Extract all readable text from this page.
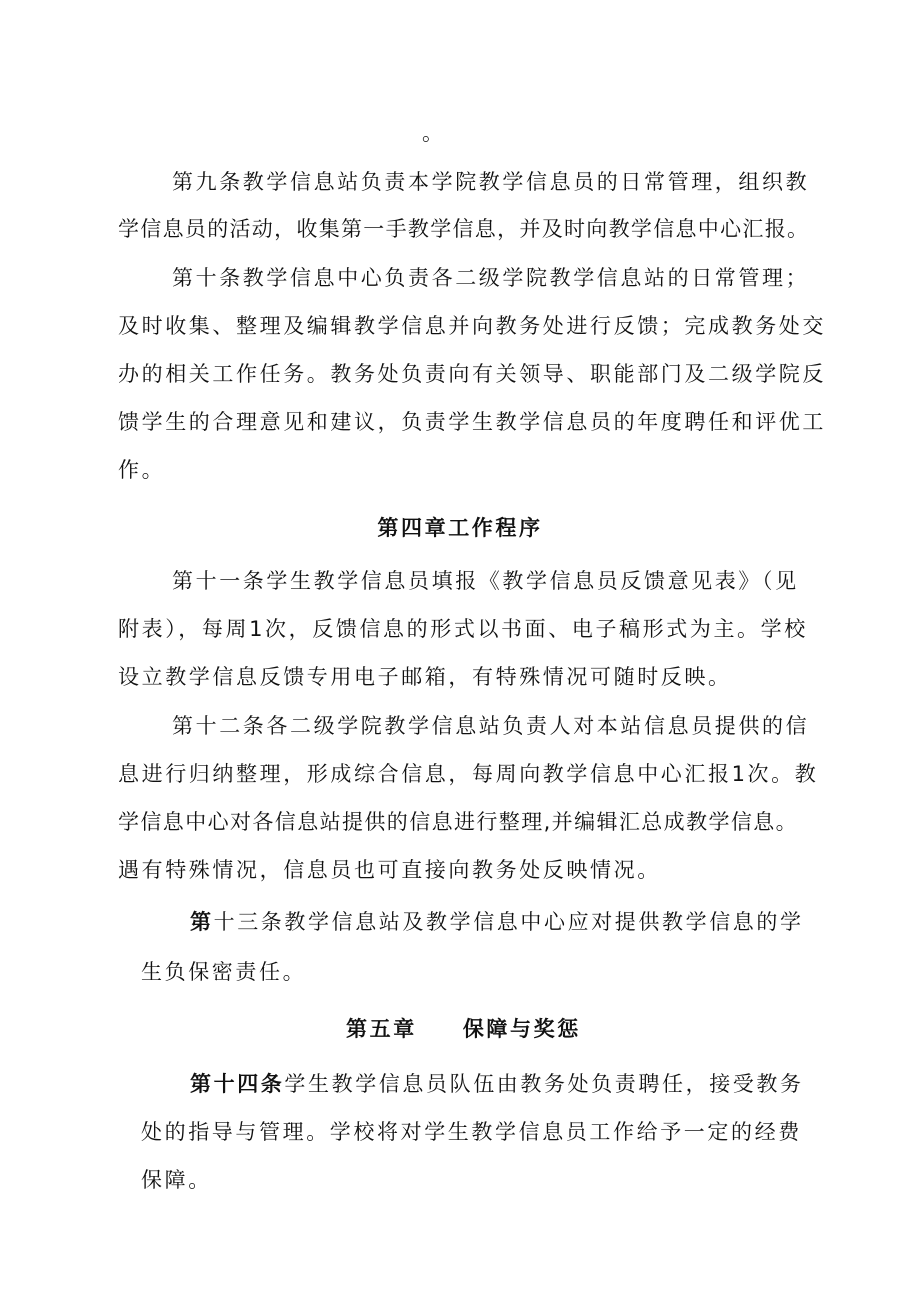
。
第九条教学信息站负责本学院教学信息员的日常管理，组织教
学信息员的活动，收集第一手教学信息，并及时向教学信息中心汇报。
第十条教学信息中心负责各二级学院教学信息站的日常管理；
及时收集、整理及编辑教学信息并向教务处进行反馈；完成教务处交
办的相关工作任务。教务处负责向有关领导、职能部门及二级学院反
馈学生的合理意见和建议，负责学生教学信息员的年度聘任和评优工
作。
第四章工作程序
第十一条学生教学信息员填报《教学信息员反馈意见表》（见
附表），每周1次，反馈信息的形式以书面、电子稿形式为主。学校
设立教学信息反馈专用电子邮箱，有特殊情况可随时反映。
第十二条各二级学院教学信息站负责人对本站信息员提供的信
息进行归纳整理，形成综合信息，每周向教学信息中心汇报1次。教
学信息中心对各信息站提供的信息进行整理,并编辑汇总成教学信息。
遇有特殊情况，信息员也可直接向教务处反映情况。
第十三条教学信息站及教学信息中心应对提供教学信息的学
生负保密责任。
第五章 保障与奖惩
第十四条学生教学信息员队伍由教务处负责聘任，接受教务
处的指导与管理。学校将对学生教学信息员工作给予一定的经费
保障。
